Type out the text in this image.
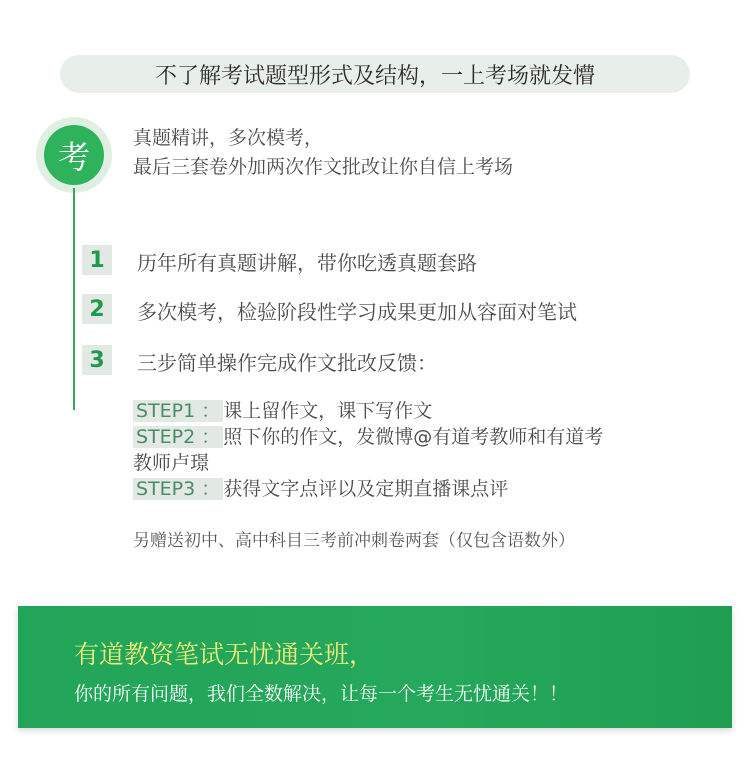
不了解考试题型形式及结构，一上考场就发懵
考 真题精讲，多次模考，
最后三套卷外加两次作文批改让你自信上考场
1	历年所有真题讲解，带你吃透真题套路
2	多次模考，检验阶段性学习成果更加从容面对笔试
3	三步简单操作完成作文批改反馈：
STEP1 ： 课上留作文，课下写作文
STEP2 ： 照下你的作文，发微博@有道考教师和有道考
教师卢璟
STEP3 ： 获得文字点评以及定期直播课点评
另赠送初中、高中科目三考前冲刺卷两套（仅包含语数外）
有道教资笔试无忧通关班，
你的所有问题，我们全数解决，让每一个考生无忧通关！！
